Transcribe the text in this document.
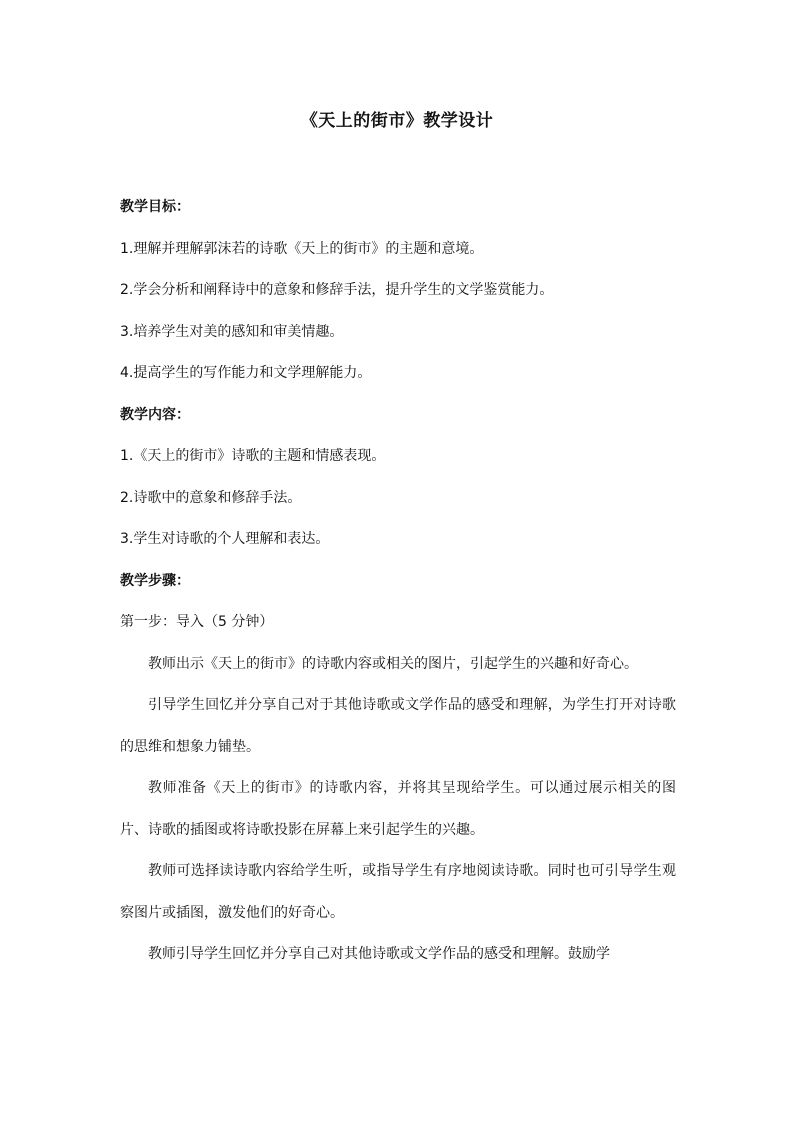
《天上的街市》教学设计

教学目标：

1.理解并理解郭沫若的诗歌《天上的街市》的主题和意境。

2.学会分析和阐释诗中的意象和修辞手法，提升学生的文学鉴赏能力。

3.培养学生对美的感知和审美情趣。

4.提高学生的写作能力和文学理解能力。

教学内容：

1.《天上的街市》诗歌的主题和情感表现。

2.诗歌中的意象和修辞手法。

3.学生对诗歌的个人理解和表达。

教学步骤：

第一步：导入（5 分钟）

教师出示《天上的街市》的诗歌内容或相关的图片，引起学生的兴趣和好奇心。

引导学生回忆并分享自己对于其他诗歌或文学作品的感受和理解，为学生打开对诗歌的思维和想象力铺垫。

教师准备《天上的街市》的诗歌内容，并将其呈现给学生。可以通过展示相关的图片、诗歌的插图或将诗歌投影在屏幕上来引起学生的兴趣。

教师可选择读诗歌内容给学生听，或指导学生有序地阅读诗歌。同时也可引导学生观察图片或插图，激发他们的好奇心。

教师引导学生回忆并分享自己对其他诗歌或文学作品的感受和理解。鼓励学
